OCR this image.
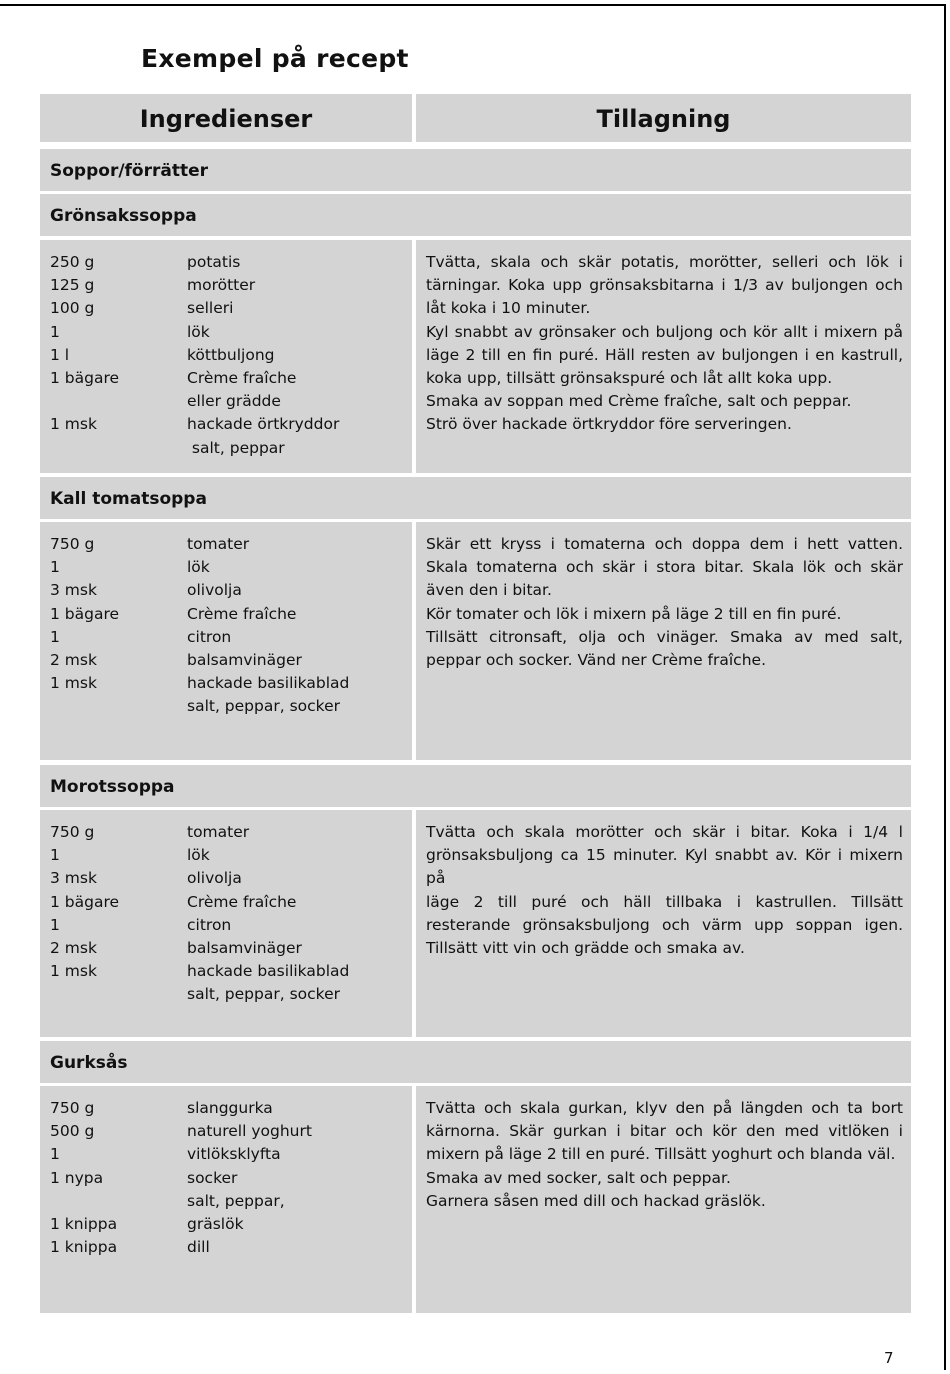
Exempel på recept
Ingredienser	Tillagning
Soppor/förrätter
Grönsakssoppa
250 g	potatis
125 g	morötter
100 g	selleri
1	lök
1 l	köttbuljong
1 bägare	Crème fraîche
eller grädde
1 msk	hackade örtkryddor
salt, peppar

Tvätta, skala och skär potatis, morötter, selleri och lök i tärningar. Koka upp grönsaksbitarna i 1/3 av buljongen och låt koka i 10 minuter.

Kyl snabbt av grönsaker och buljong och kör allt i mixern på läge 2 till en fin puré. Häll resten av buljongen i en kastrull, koka upp, tillsätt grönsakspuré och låt allt koka upp.

Smaka av soppan med Crème fraîche, salt och peppar.

Strö över hackade örtkryddor före serveringen.

Kall tomatsoppa
750 g	tomater
1	lök
3 msk	olivolja
1 bägare	Crème fraîche
1	citron
2 msk	balsamvinäger
1 msk	hackade basilikablad
salt, peppar, socker

Skär ett kryss i tomaterna och doppa dem i hett vatten. Skala tomaterna och skär i stora bitar. Skala lök och skär även den i bitar.

Kör tomater och lök i mixern på läge 2 till en fin puré.

Tillsätt citronsaft, olja och vinäger. Smaka av med salt, peppar och socker. Vänd ner Crème fraîche.

Morotssoppa
750 g	tomater
1	lök
3 msk	olivolja
1 bägare	Crème fraîche
1	citron
2 msk	balsamvinäger
1 msk	hackade basilikablad
salt, peppar, socker

Tvätta och skala morötter och skär i bitar. Koka i 1/4 l grönsaksbuljong ca 15 minuter. Kyl snabbt av. Kör i mixern på

läge 2 till puré och häll tillbaka i kastrullen. Tillsätt resterande grönsaksbuljong och värm upp soppan igen. Tillsätt vitt vin och grädde och smaka av.

Gurksås
750 g	slanggurka
500 g	naturell yoghurt
1	vitlöksklyfta
1 nypa	socker
salt, peppar,
1 knippa	gräslök
1 knippa	dill

Tvätta och skala gurkan, klyv den på längden och ta bort kärnorna. Skär gurkan i bitar och kör den med vitlöken i mixern på läge 2 till en puré. Tillsätt yoghurt och blanda väl.

Smaka av med socker, salt och peppar.

Garnera såsen med dill och hackad gräslök.

7
